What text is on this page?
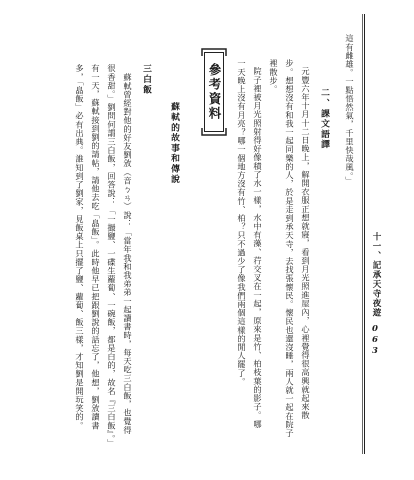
這有雌雄。一點悟然氣，千里快哉風。」
二、課文語譯
元豐六年十月十二日晚上，解開衣服正想就寢，看到月光照進屋內，心裡覺得很高興就起來散
步。想想沒有和我一起同樂的人，於是走到承天寺，去找張懷民。懷民也還沒睡，兩人就一起在院子
裡散步。
院子裡被月光照射得好像積了水一樣，水中有藻、荇交叉在一起，原來是竹、柏枝葉的影子。哪
一天晚上沒有月亮？哪一個地方沒有竹、柏？只不過少了像我們兩個這樣的閒人罷了。
參考資料
蘇軾的故事和傳說
三白飯
蘇軾曾經對他的好友劉攽（音ㄅㄢ）說：「當年我和我弟弟一起讀書時，每天吃三白飯，也覺得
很香甜。」劉問何謂三白飯，回答說：「一撮鹽、一碟生蘿蔔、一碗飯，都是白的，故名『三白飯』。」
有一天，蘇軾接到劉的請帖，請他去吃「皛飯」。此時他早已把跟劉說的話忘了，他想，劉攽讀書
多，「皛飯」必有出典。誰知到了劉家，見飯桌上只擺了鹽、蘿蔔、飯三樣，才知劉是開玩笑的。	十一、記承天寺夜遊
063
